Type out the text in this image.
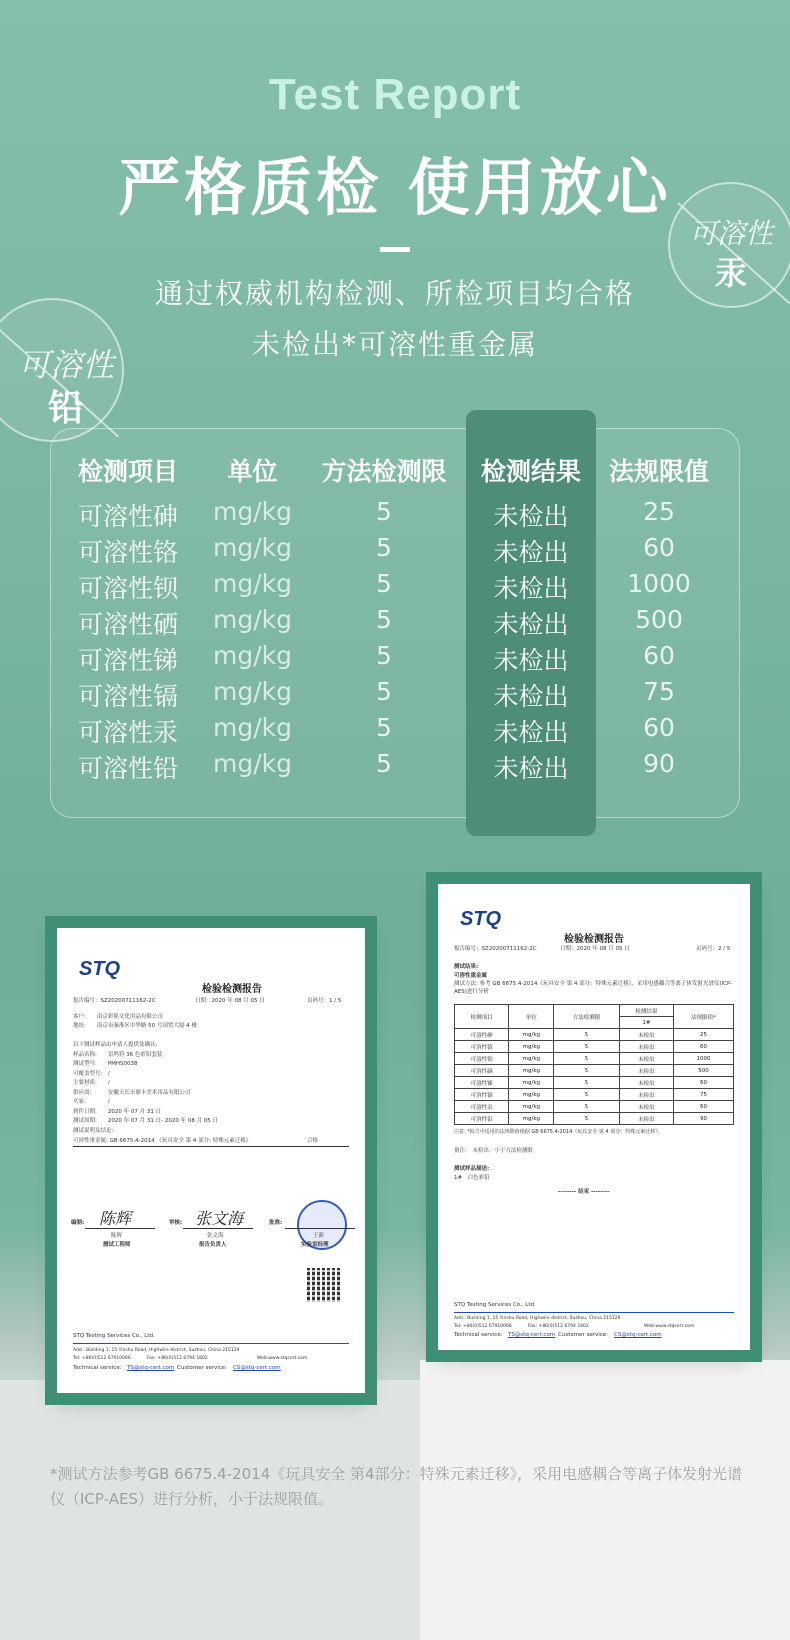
Test Report
严格质检 使用放心
通过权威机构检测、所检项目均合格
未检出*可溶性重金属
可溶性
汞
可溶性
铅
检测项目	单位	方法检测限	检测结果	法规限值
可溶性砷	mg/kg	5	未检出	25
可溶性铬	mg/kg	5	未检出	60
可溶性钡	mg/kg	5	未检出	1000
可溶性硒	mg/kg	5	未检出	500
可溶性锑	mg/kg	5	未检出	60
可溶性镉	mg/kg	5	未检出	75
可溶性汞	mg/kg	5	未检出	60
可溶性铅	mg/kg	5	未检出	90
STQ
检验检测报告
报告编号：SZ20200711162-2C	日期：2020 年 08 月 05 日	页码号：1 / 5
客户:　　南京彩熊文化用品有限公司
地址:　　南京市秦淮区中华路 50 号国贸大厦 4 楼
可溶性重金属: GB 6675.4-2014 《玩具安全 第 4 部分: 特殊元素迁移》	合格
编制:	审核:	批准:
陈辉	张文海
陈辉	张文海	王新
测试工程师	报告负责人	实验室经理
STQ Testing Services Co., Ltd.
Add.: Building 1, 15 Yinshu Road, Highwire district, Suzhou, China 215129
Tel: +86(0)512 67910066	Fax: +86(0)512 6794 1802	Web:www.stqcert.com
Technical service: TS@stq-cert.com Customer service: CS@stq-cert.com
以下测试样品由申请人提供及确认:
样品名称:　　雷鸣特 36 色彩铅套装
测试型号:　　PMHS0038
可覆盖型号:　/
主要材质:　　/
供应商:　　　安徽天长市鼎丰美术用品有限公司
买家:　　　　/
到件日期:　　2020 年 07 月 31 日
测试周期:　　2020 年 07 月 31 日- 2020 年 08 月 05 日
测试说明及结论:
STQ
检验检测报告
报告编号：SZ20200711162-2C	日期：2020 年 08 月 05 日	页码号：2 / 5
测试结果:
可溶性重金属
测试方法: 参考 GB 6675.4-2014《玩具安全 第 4 部分：特殊元素迁移》，采用电感耦合等离子体发射光谱仪(ICP-AES)进行分析
检测项目	单位	方法检测限	检测结果	法规限值*
			1#	
可溶性砷	mg/kg	5	未检出	25
可溶性铬	mg/kg	5	未检出	60
可溶性钡	mg/kg	5	未检出	1000
可溶性硒	mg/kg	5	未检出	500
可溶性锑	mg/kg	5	未检出	60
可溶性镉	mg/kg	5	未检出	75
可溶性汞	mg/kg	5	未检出	60
可溶性铅	mg/kg	5	未检出	90
注意: *报告中适用的法规限值根据 GB 6675.4-2014《玩具安全 第 4 部分：特殊元素迁移》。
备注:　未检出：小于方法检测限
测试样品描述:
1#　白色彩铅
-------- 结束 --------
STQ Testing Services Co., Ltd.
Add.: Building 1, 15 Yinshu Road, Highwire district, Suzhou, China 215129
Tel: +86(0)512 67910066	Fax: +86(0)512 6794 1802	Web:www.stqcert.com
Technical service: TS@stq-cert.com Customer service: CS@stq-cert.com
*测试方法参考GB 6675.4-2014《玩具安全 第4部分：特殊元素迁移》，采用电感耦合等离子体发射光谱仪（ICP-AES）进行分析，小于法规限值。
